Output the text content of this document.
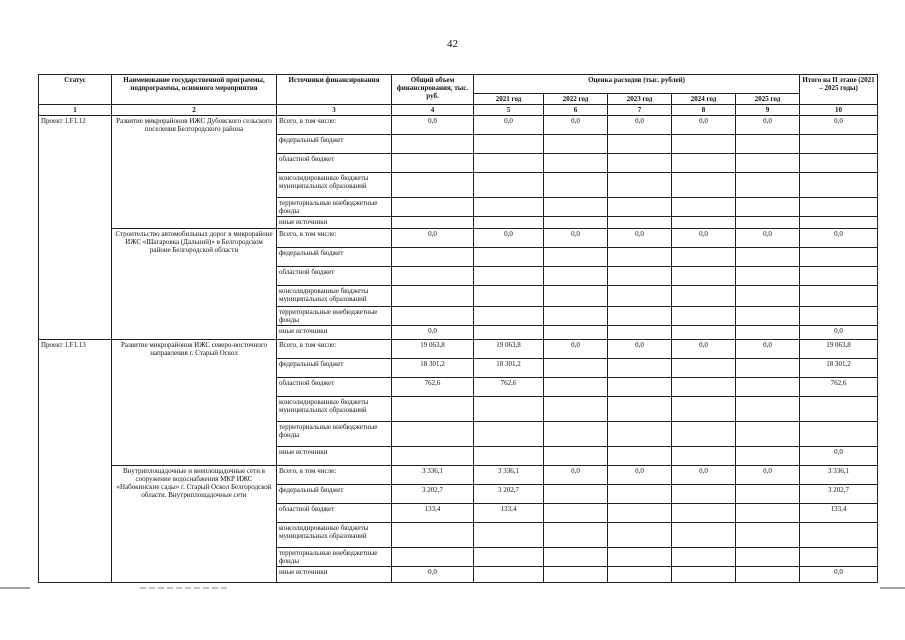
42
Статус	Наименование государственной программы, подпрограммы, основного мероприятия	Источники финансирования	Общий объем финансирования, тыс. руб.	Оценка расходов (тыс. рублей)					Итого на II этапе (2021 – 2025 годы)
				2021 год	2022 год	2023 год	2024 год	2025 год	
1	2	3	4	5	6	7	8	9	10
Проект 1.F1.12	Развитие микрорайонов ИЖС Дубовского сельского поселения Белгородского района	Всего, в том числе:	0,0	0,0	0,0	0,0	0,0	0,0	0,0
		федеральный бюджет							
		областной бюджет							
		консолидированные бюджеты муниципальных образований							
		территориальные внебюджетные фонды							
		иные источники							
	Строительство автомобильных дорог в микрорайоне ИЖС «Шагаровка (Дальний)» в Белгородском районе Белгородской области	Всего, в том числе:	0,0	0,0	0,0	0,0	0,0	0,0	0,0
		федеральный бюджет							
		областной бюджет							
		консолидированные бюджеты муниципальных образований							
		территориальные внебюджетные фонды							
		иные источники	0,0						0,0
Проект 1.F1.13	Развитие микрорайонов ИЖС северо-восточного направления г. Старый Оскол	Всего, в том числе:	19 063,8	19 063,8	0,0	0,0	0,0	0,0	19 063,8
		федеральный бюджет	18 301,2	18 301,2					18 301,2
		областной бюджет	762,6	762,6					762,6
		консолидированные бюджеты муниципальных образований							
		территориальные внебюджетные фонды							
		иные источники							0,0
	Внутриплощадочные и внеплощадочные сети в сооружение водоснабжения МКР ИЖС «Набокинские сады» г. Старый Оскол Белгородской области. Внутриплощадочные сети	Всего, в том числе:	3 336,1	3 336,1	0,0	0,0	0,0	0,0	3 336,1
		федеральный бюджет	3 202,7	3 202,7					3 202,7
		областной бюджет	133,4	133,4					133,4
		консолидированные бюджеты муниципальных образований							
		территориальные внебюджетные фонды							
		иные источники	0,0						0,0
